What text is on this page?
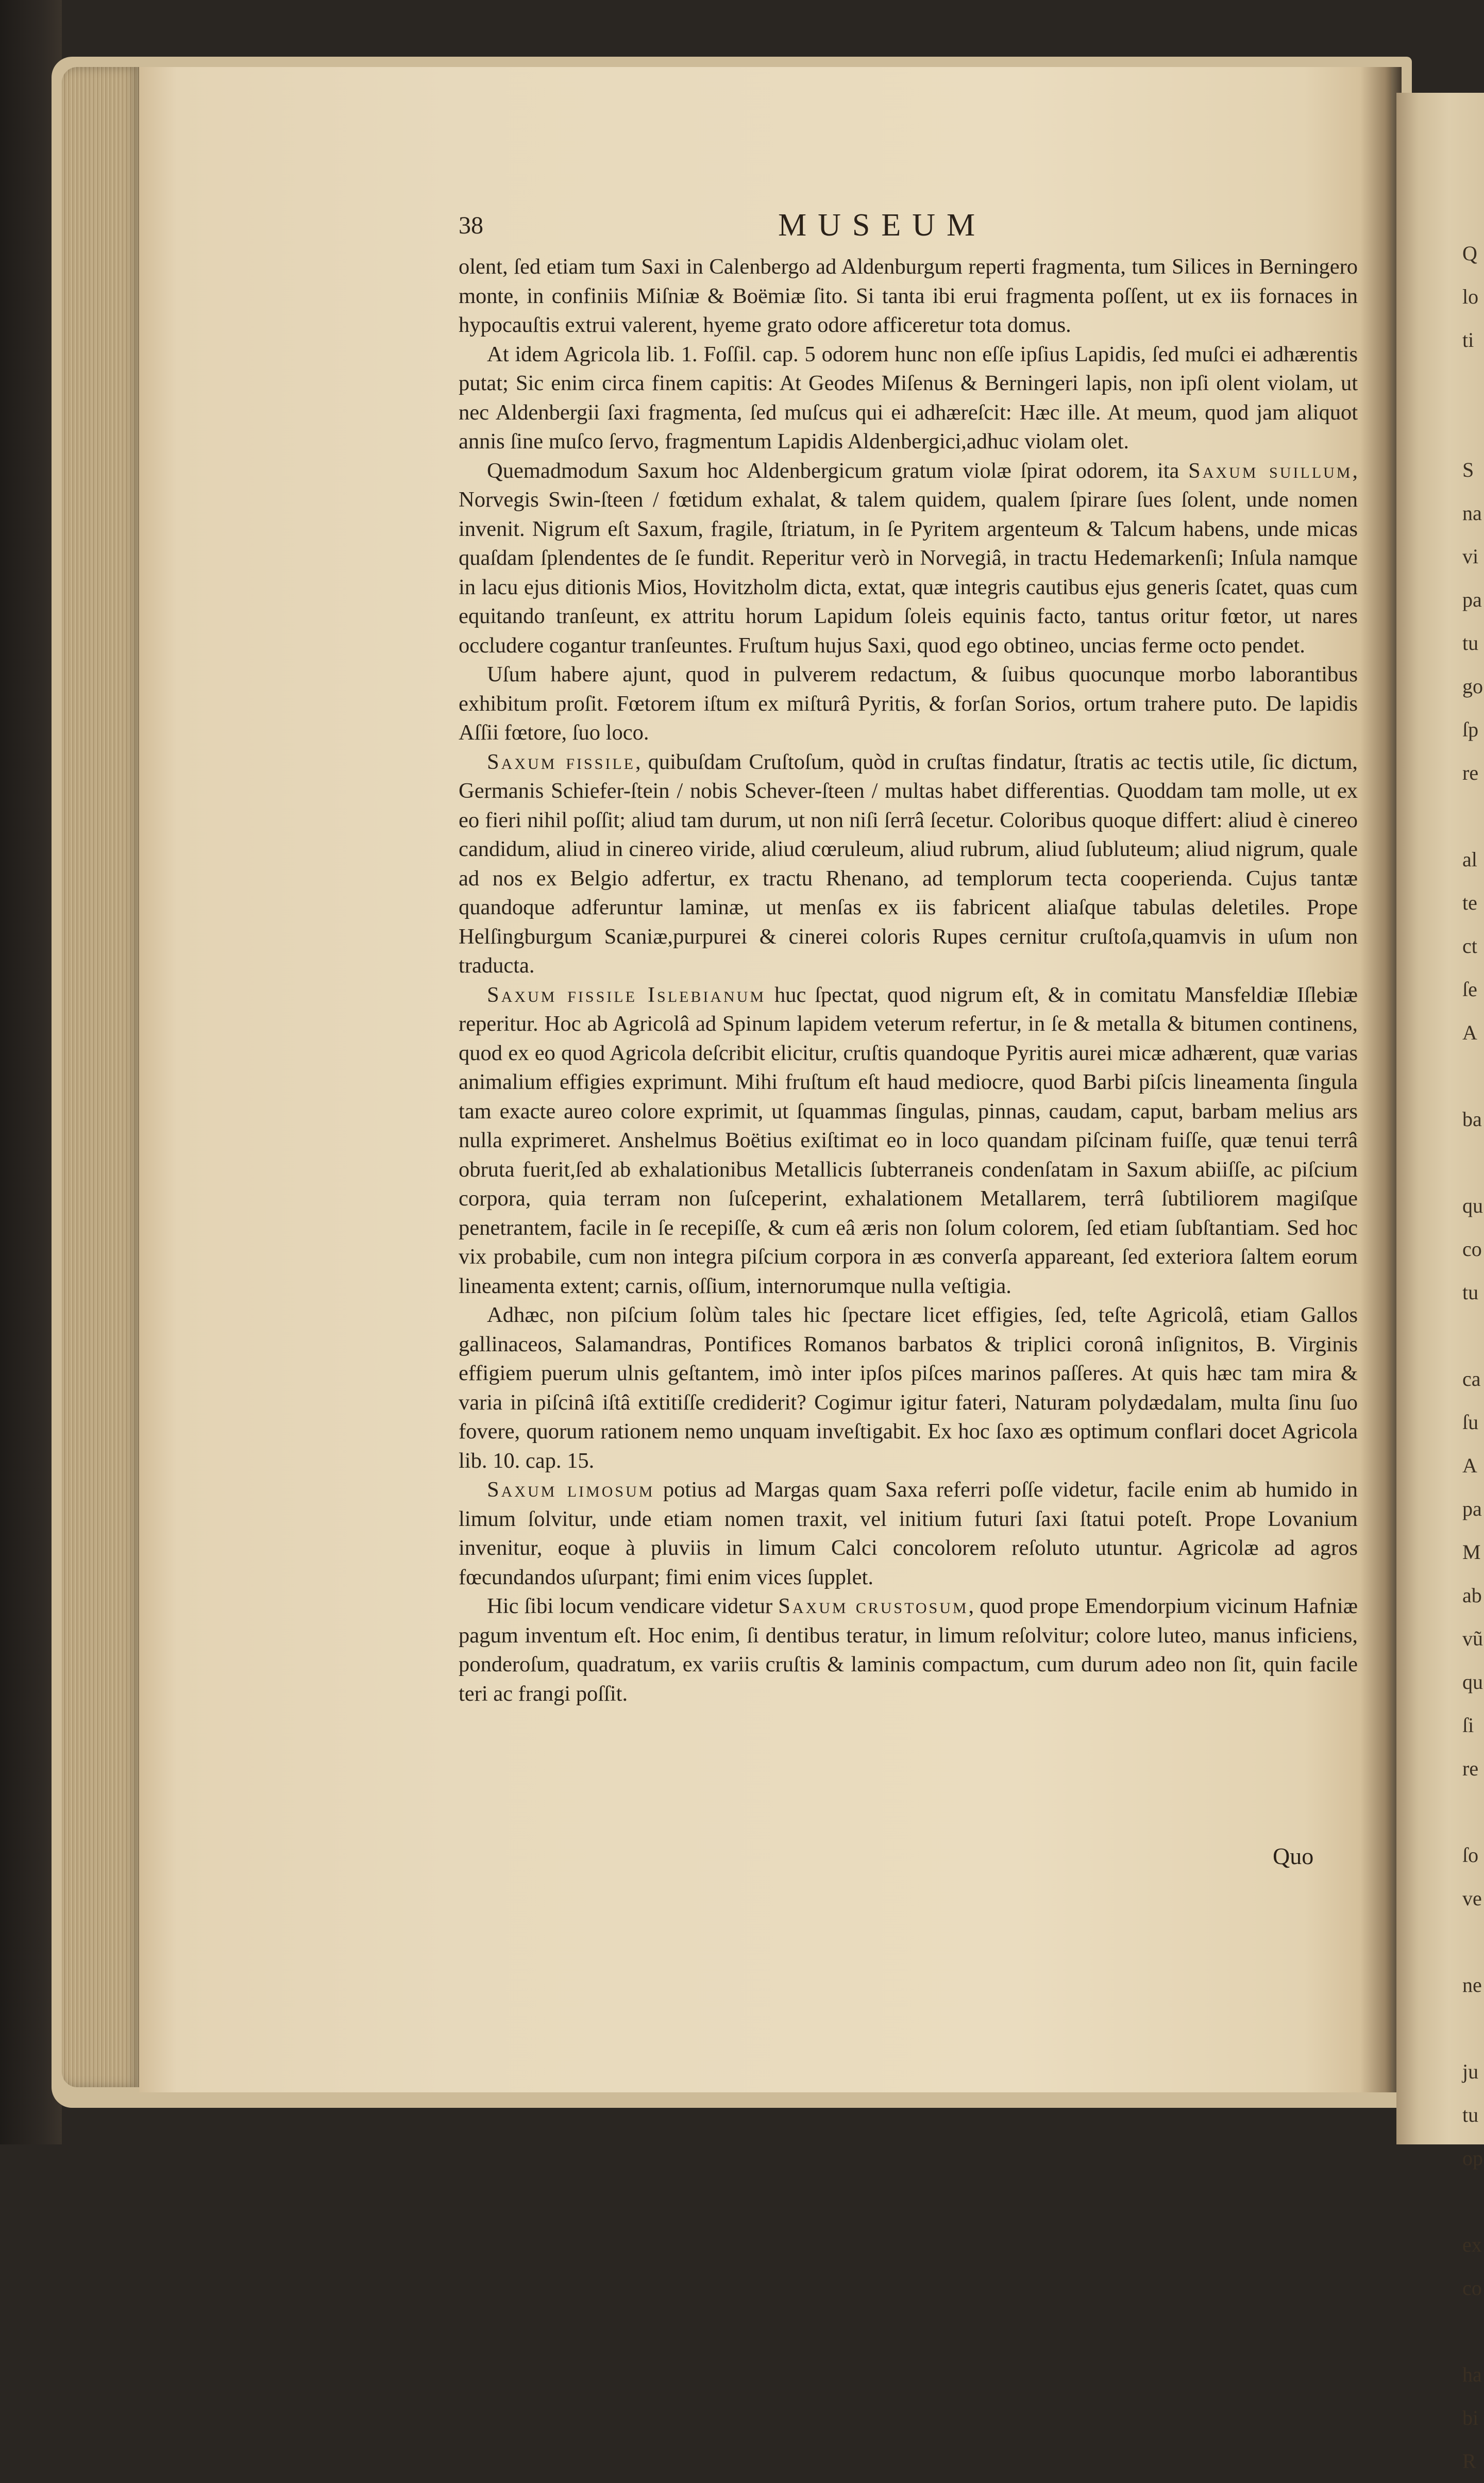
Q
lo
ti

S
na
vi
pa
tu
go
ſp
re

al
te
ct
ſe
A

ba

qu
co
tu

ca
ſu
A
pa
M
ab
vũ
qu
ſi
re

ſo
ve

ne

ju
tu
op

ex
co

ha
bi
R
38	MUSEUM

olent, ſed etiam tum Saxi in Calenbergo ad Aldenburgum reperti fragmenta, tum Silices in Berningero monte, in confiniis Miſniæ & Boëmiæ ſito. Si tanta ibi erui fragmenta poſſent, ut ex iis fornaces in hypocauſtis extrui valerent, hyeme grato odore afficeretur tota domus.

At idem Agricola lib. 1. Foſſil. cap. 5 odorem hunc non eſſe ipſius Lapidis, ſed muſci ei adhærentis putat; Sic enim circa finem capitis: At Geodes Miſenus & Berningeri lapis, non ipſi olent violam, ut nec Aldenbergii ſaxi fragmenta, ſed muſcus qui ei adhæreſcit: Hæc ille. At meum, quod jam aliquot annis ſine muſco ſervo, fragmentum Lapidis Aldenbergici,adhuc violam olet.

Quemadmodum Saxum hoc Aldenbergicum gratum violæ ſpirat odorem, ita Saxum suillum, Norvegis Swin-ſteen / fœtidum exhalat, & talem quidem, qualem ſpirare ſues ſolent, unde nomen invenit. Nigrum eſt Saxum, fragile, ſtriatum, in ſe Pyritem argenteum & Talcum habens, unde micas quaſdam ſplendentes de ſe fundit. Reperitur verò in Norvegiâ, in tractu Hedemarkenſi; Inſula namque in lacu ejus ditionis Mios, Hovitzholm dicta, extat, quæ integris cautibus ejus generis ſcatet, quas cum equitando tranſeunt, ex attritu horum Lapidum ſoleis equinis facto, tantus oritur fœtor, ut nares occludere cogantur tranſeuntes. Fruſtum hujus Saxi, quod ego obtineo, uncias ferme octo pendet.

Uſum habere ajunt, quod in pulverem redactum, & ſuibus quocunque morbo laborantibus exhibitum proſit. Fœtorem iſtum ex miſturâ Pyritis, & forſan Sorios, ortum trahere puto. De lapidis Aſſii fœtore, ſuo loco.

Saxum fissile, quibuſdam Cruſtoſum, quòd in cruſtas findatur, ſtratis ac tectis utile, ſic dictum, Germanis Schiefer-ſtein / nobis Schever-ſteen / multas habet differentias. Quoddam tam molle, ut ex eo fieri nihil poſſit; aliud tam durum, ut non niſi ſerrâ ſecetur. Coloribus quoque differt: aliud è cinereo candidum, aliud in cinereo viride, aliud cœruleum, aliud rubrum, aliud ſubluteum; aliud nigrum, quale ad nos ex Belgio adfertur, ex tractu Rhenano, ad templorum tecta cooperienda. Cujus tantæ quandoque adferuntur laminæ, ut menſas ex iis fabricent aliaſque tabulas deletiles. Prope Helſingburgum Scaniæ,purpurei & cinerei coloris Rupes cernitur cruſtoſa,quamvis in uſum non traducta.

Saxum fissile Islebianum huc ſpectat, quod nigrum eſt, & in comitatu Mansfeldiæ Iſlebiæ reperitur. Hoc ab Agricolâ ad Spinum lapidem veterum refertur, in ſe & metalla & bitumen continens, quod ex eo quod Agricola deſcribit elicitur, cruſtis quandoque Pyritis aurei micæ adhærent, quæ varias animalium effigies exprimunt. Mihi fruſtum eſt haud mediocre, quod Barbi piſcis lineamenta ſingula tam exacte aureo colore exprimit, ut ſquammas ſingulas, pinnas, caudam, caput, barbam melius ars nulla exprimeret. Anshelmus Boëtius exiſtimat eo in loco quandam piſcinam fuiſſe, quæ tenui terrâ obruta fuerit,ſed ab exhalationibus Metallicis ſubterraneis condenſatam in Saxum abiiſſe, ac piſcium corpora, quia terram non ſuſceperint, exhalationem Metallarem, terrâ ſubtiliorem magiſque penetrantem, facile in ſe recepiſſe, & cum eâ æris non ſolum colorem, ſed etiam ſubſtantiam. Sed hoc vix probabile, cum non integra piſcium corpora in æs converſa appareant, ſed exteriora ſaltem eorum lineamenta extent; carnis, oſſium, internorumque nulla veſtigia.

Adhæc, non piſcium ſolùm tales hic ſpectare licet effigies, ſed, teſte Agricolâ, etiam Gallos gallinaceos, Salamandras, Pontifices Romanos barbatos & triplici coronâ inſignitos, B. Virginis effigiem puerum ulnis geſtantem, imò inter ipſos piſces marinos paſſeres. At quis hæc tam mira & varia in piſcinâ iſtâ extitiſſe crediderit? Cogimur igitur fateri, Naturam polydædalam, multa ſinu ſuo fovere, quorum rationem nemo unquam inveſtigabit. Ex hoc ſaxo æs optimum conflari docet Agricola lib. 10. cap. 15.

Saxum limosum potius ad Margas quam Saxa referri poſſe videtur, facile enim ab humido in limum ſolvitur, unde etiam nomen traxit, vel initium futuri ſaxi ſtatui poteſt. Prope Lovanium invenitur, eoque à pluviis in limum Calci concolorem reſoluto utuntur. Agricolæ ad agros fœcundandos uſurpant; fimi enim vices ſupplet.

Hic ſibi locum vendicare videtur Saxum crustosum, quod prope Emendorpium vicinum Hafniæ pagum inventum eſt. Hoc enim, ſi dentibus teratur, in limum reſolvitur; colore luteo, manus inficiens, ponderoſum, quadratum, ex variis cruſtis & laminis compactum, cum durum adeo non ſit, quin facile teri ac frangi poſſit.

Quo
